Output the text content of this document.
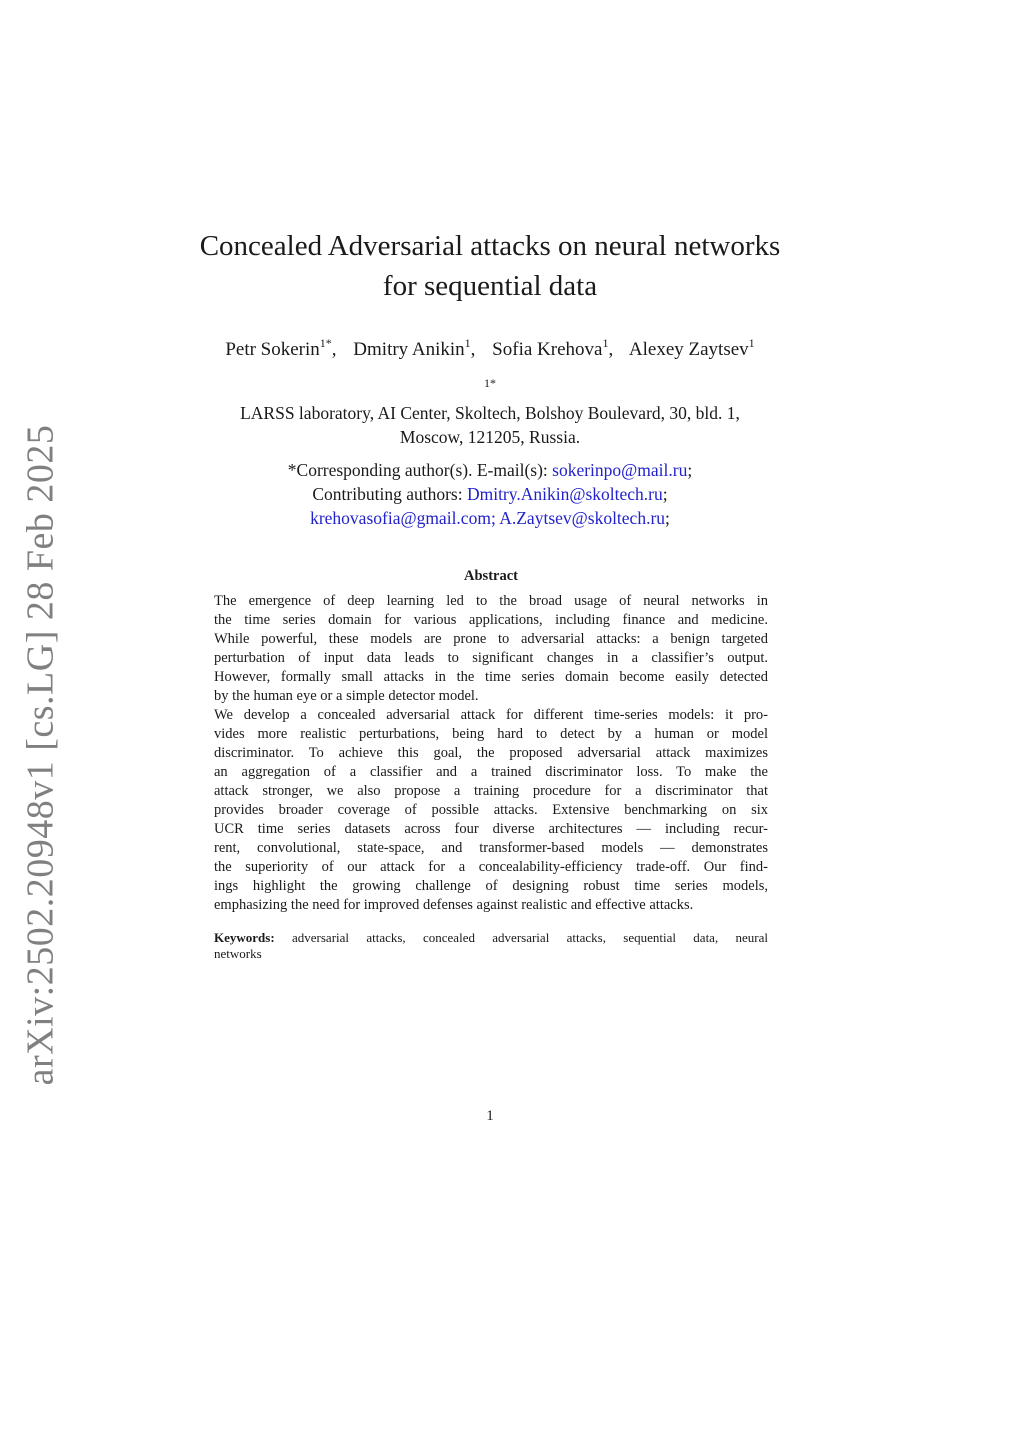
arXiv:2502.20948v1 [cs.LG] 28 Feb 2025
Concealed Adversarial attacks on neural networks
for sequential data
Petr Sokerin$^{1*}$, Dmitry Anikin$^1$, Sofia Krehova$^1$, Alexey Zaytsev$^1$
$^{1*}$
LARSS laboratory, AI Center, Skoltech, Bolshoy Boulevard, 30, bld. 1,
Moscow, 121205, Russia.
*Corresponding author(s). E-mail(s): sokerinpo@mail.ru;
Contributing authors: Dmitry.Anikin@skoltech.ru;
krehovasofia@gmail.com; A.Zaytsev@skoltech.ru;
Abstract
The emergence of deep learning led to the broad usage of neural networks in
the time series domain for various applications, including finance and medicine.
While powerful, these models are prone to adversarial attacks: a benign targeted
perturbation of input data leads to significant changes in a classifier’s output.
However, formally small attacks in the time series domain become easily detected
by the human eye or a simple detector model.
We develop a concealed adversarial attack for different time-series models: it pro-
vides more realistic perturbations, being hard to detect by a human or model
discriminator. To achieve this goal, the proposed adversarial attack maximizes
an aggregation of a classifier and a trained discriminator loss. To make the
attack stronger, we also propose a training procedure for a discriminator that
provides broader coverage of possible attacks. Extensive benchmarking on six
UCR time series datasets across four diverse architectures — including recur-
rent, convolutional, state-space, and transformer-based models — demonstrates
the superiority of our attack for a concealability-efficiency trade-off. Our find-
ings highlight the growing challenge of designing robust time series models,
emphasizing the need for improved defenses against realistic and effective attacks.
Keywords: adversarial attacks, concealed adversarial attacks, sequential data, neural
networks
1
